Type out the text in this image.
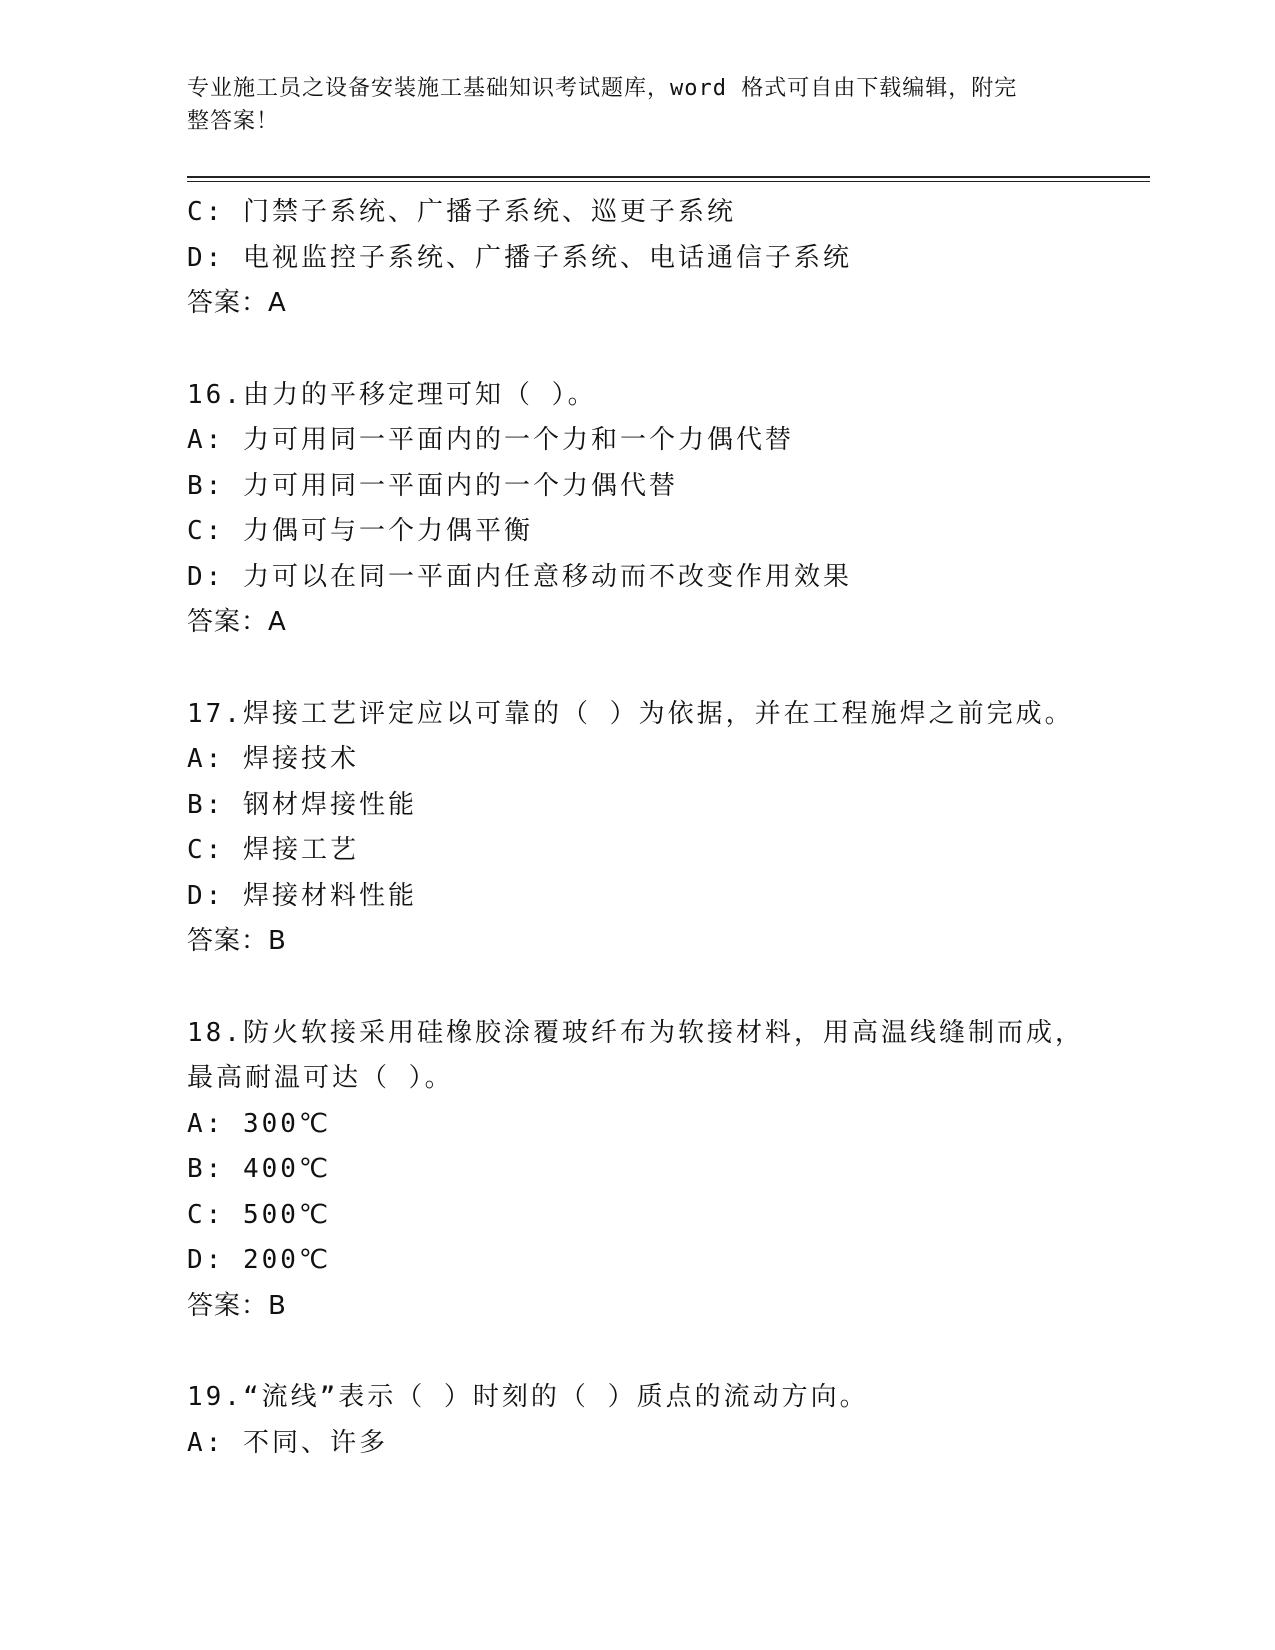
专业施工员之设备安装施工基础知识考试题库，word 格式可自由下载编辑，附完
整答案！
C: 门禁子系统、广播子系统、巡更子系统
D: 电视监控子系统、广播子系统、电话通信子系统
答案：A
16.由力的平移定理可知（ ）。
A: 力可用同一平面内的一个力和一个力偶代替
B: 力可用同一平面内的一个力偶代替
C: 力偶可与一个力偶平衡
D: 力可以在同一平面内任意移动而不改变作用效果
答案：A
17.焊接工艺评定应以可靠的（ ）为依据，并在工程施焊之前完成。
A: 焊接技术
B: 钢材焊接性能
C: 焊接工艺
D: 焊接材料性能
答案：B
18.防火软接采用硅橡胶涂覆玻纤布为软接材料，用高温线缝制而成，
最高耐温可达（ ）。
A: 300℃
B: 400℃
C: 500℃
D: 200℃
答案：B
19.“流线”表示（ ）时刻的（ ）质点的流动方向。
A: 不同、许多
